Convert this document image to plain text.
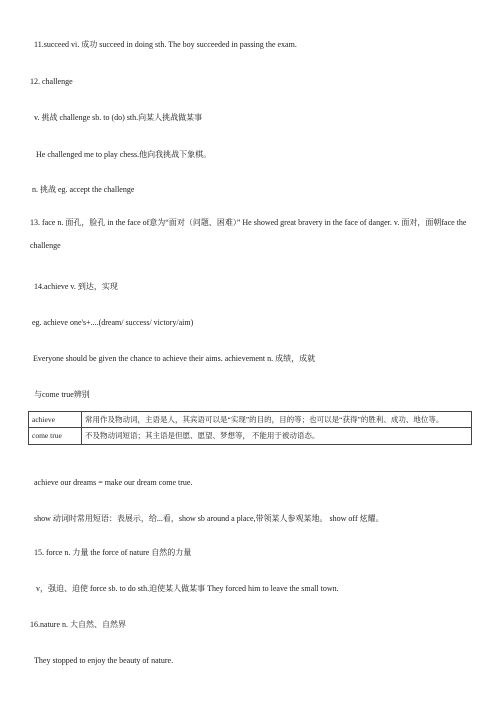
11.succeed vi. 成功 succeed in doing sth. The boy succeeded in passing the exam.
12. challenge
v. 挑战 challenge sb. to (do) sth.向某人挑战做某事
He challenged me to play chess.他向我挑战下象棋。
n. 挑战 eg. accept the challenge
13. face n. 面孔，脸孔 in the face of意为“面对（问题、困难）” He showed great bravery in the face of danger. v. 面对，面朝face the challenge
14.achieve v. 到达，实现
eg. achieve one's+....(dream/ success/ victory/aim)
Everyone should be given the chance to achieve their aims. achievement n. 成绩，成就
与come true辨别
achieve	常用作及物动词，主语是人，其宾语可以是“实现”的目的，目的等；也可以是“获得”的胜利、成功、地位等。
come true	不及物动词短语；其主语是但愿、愿望、梦想等， 不能用于被动语态。
achieve our dreams = make our dream come true.
show 动词时常用短语：表展示，给...看，show sb around a place,带领某人参观某地。 show off 炫耀。
15. force n. 力量 the force of nature 自然的力量
v，强迫、迫使 force sb. to do sth.迫使某人做某事 They forced him to leave the small town.
16.nature n. 大自然、自然界
They stopped to enjoy the beauty of nature.
